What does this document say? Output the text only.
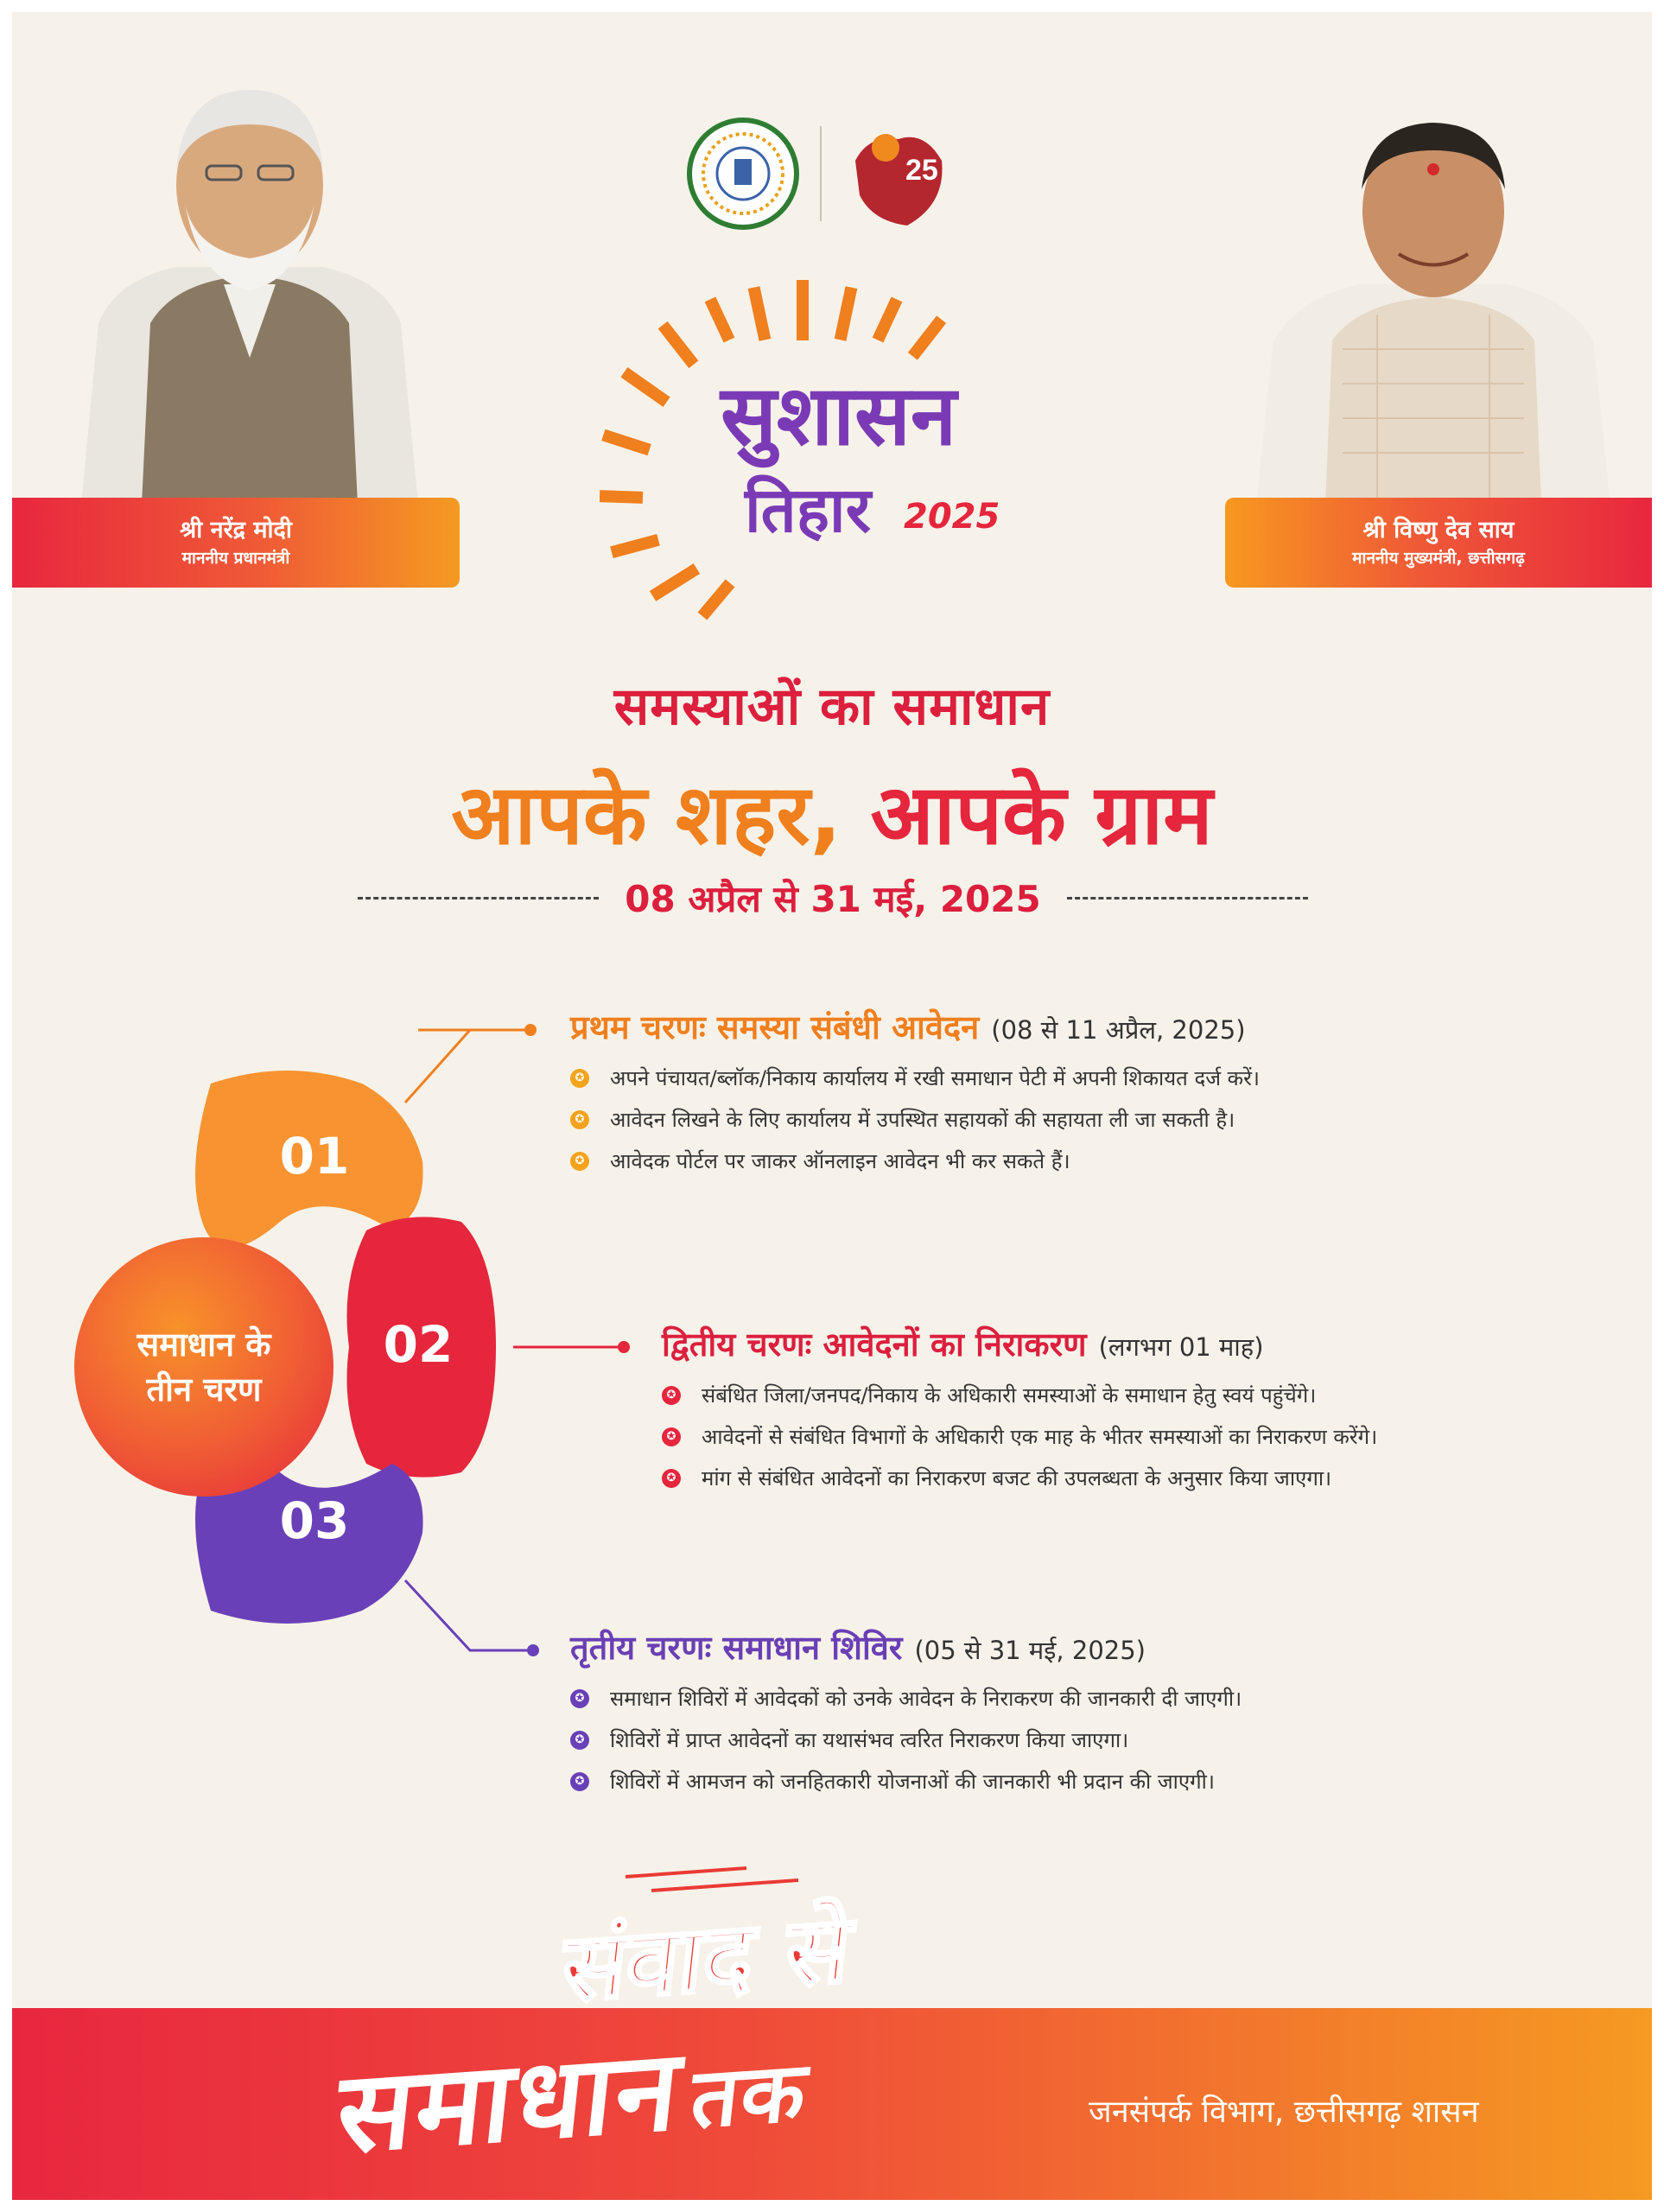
श्री नरेंद्र मोदी
माननीय प्रधानमंत्री
श्री विष्णु देव साय
माननीय मुख्यमंत्री, छत्तीसगढ़
25
सुशासन
तिहार 2025
समस्याओं का समाधान
आपके शहर, आपके ग्राम
08 अप्रैल से 31 मई, 2025
01
02
03
समाधान के तीन चरण
प्रथम चरणः समस्या संबंधी आवेदन (08 से 11 अप्रैल, 2025)
✪ अपने पंचायत/ब्लॉक/निकाय कार्यालय में रखी समाधान पेटी में अपनी शिकायत दर्ज करें।
✪ आवेदन लिखने के लिए कार्यालय में उपस्थित सहायकों की सहायता ली जा सकती है।
✪ आवेदक पोर्टल पर जाकर ऑनलाइन आवेदन भी कर सकते हैं।
द्वितीय चरणः आवेदनों का निराकरण (लगभग 01 माह)
✪ संबंधित जिला/जनपद/निकाय के अधिकारी समस्याओं के समाधान हेतु स्वयं पहुंचेंगे।
✪ आवेदनों से संबंधित विभागों के अधिकारी एक माह के भीतर समस्याओं का निराकरण करेंगे।
✪ मांग से संबंधित आवेदनों का निराकरण बजट की उपलब्धता के अनुसार किया जाएगा।
तृतीय चरणः समाधान शिविर (05 से 31 मई, 2025)
✪ समाधान शिविरों में आवेदकों को उनके आवेदन के निराकरण की जानकारी दी जाएगी।
✪ शिविरों में प्राप्त आवेदनों का यथासंभव त्वरित निराकरण किया जाएगा।
✪ शिविरों में आमजन को जनहितकारी योजनाओं की जानकारी भी प्रदान की जाएगी।
संवाद से
समाधानतक	जनसंपर्क विभाग, छत्तीसगढ़ शासन
